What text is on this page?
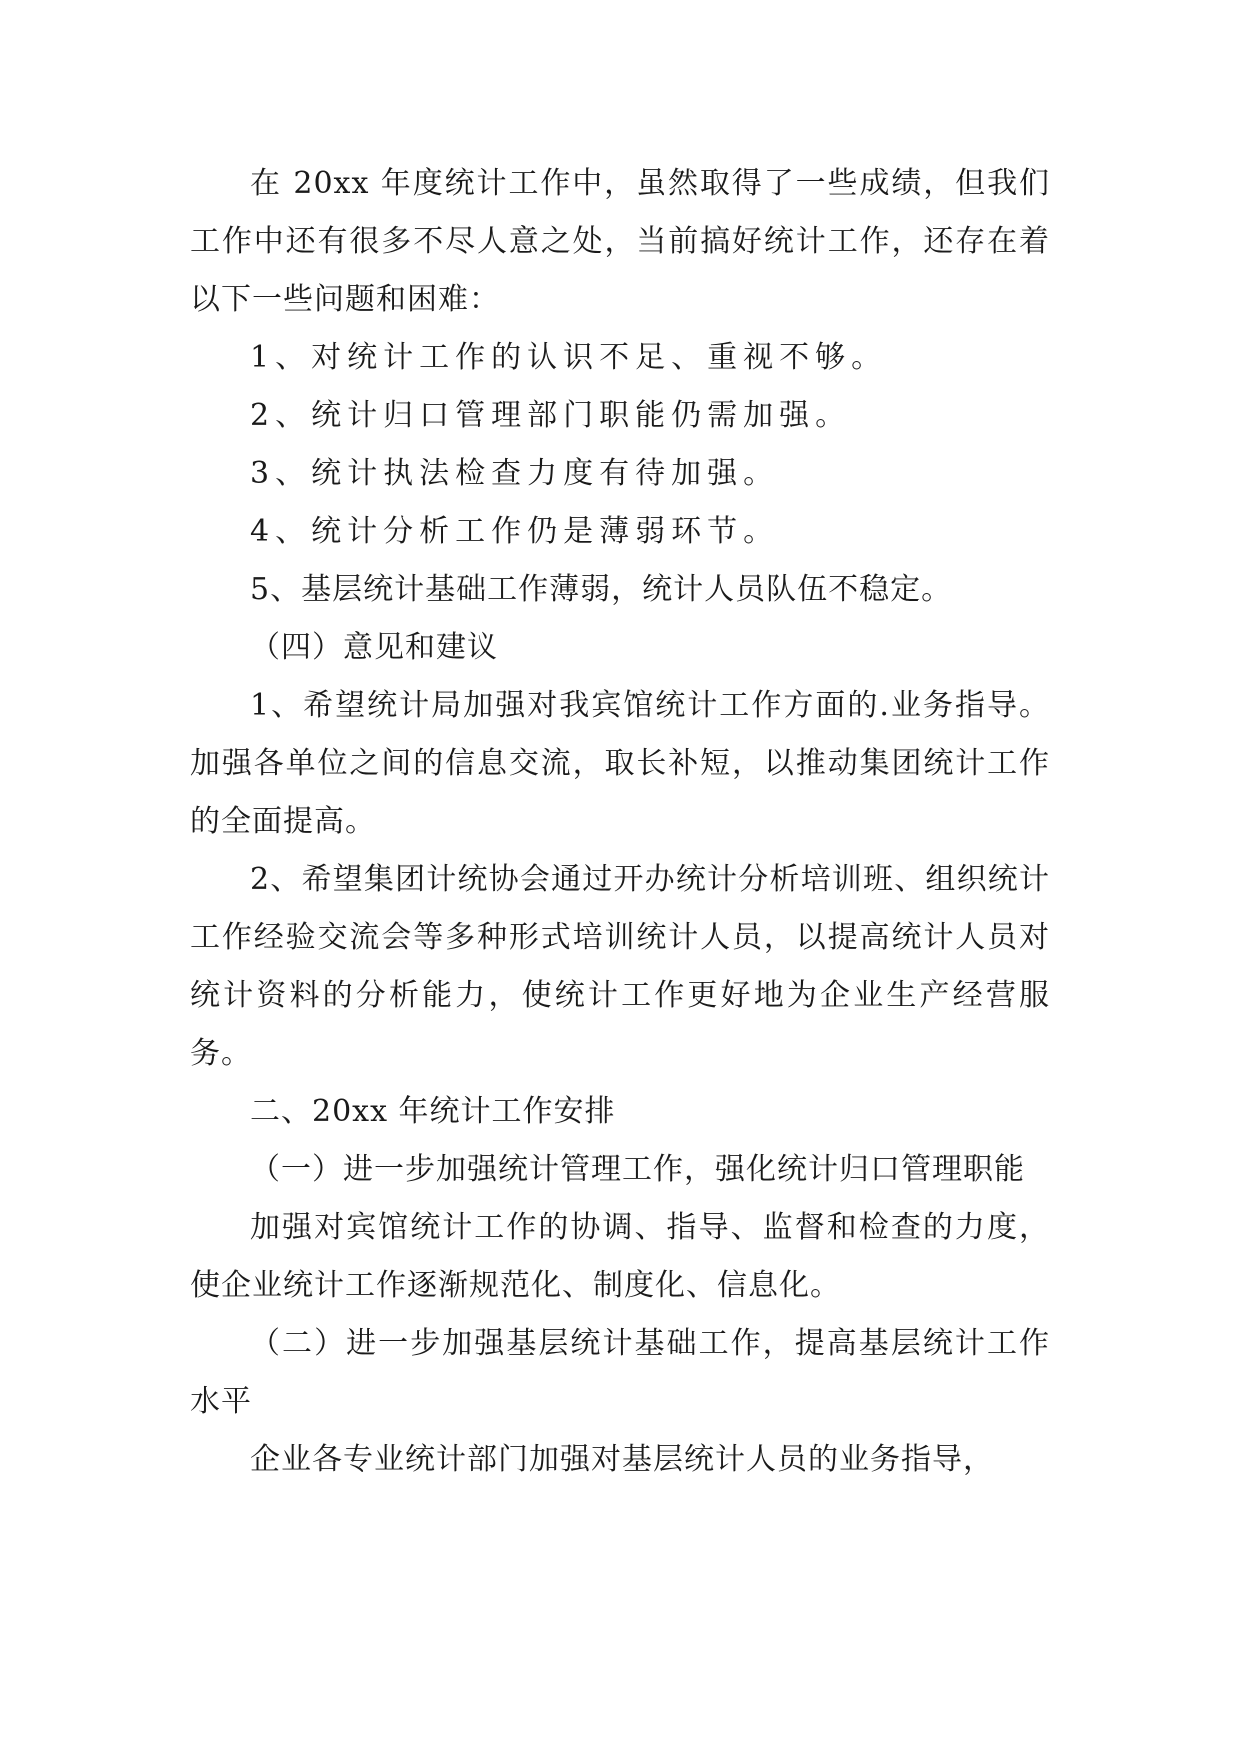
在 20xx 年度统计工作中，虽然取得了一些成绩，但我们工作中还有很多不尽人意之处，当前搞好统计工作，还存在着以下一些问题和困难：

1、对统计工作的认识不足、重视不够。

2、统计归口管理部门职能仍需加强。

3、统计执法检查力度有待加强。

4、统计分析工作仍是薄弱环节。

5、基层统计基础工作薄弱，统计人员队伍不稳定。

（四）意见和建议

1、希望统计局加强对我宾馆统计工作方面的.业务指导。加强各单位之间的信息交流，取长补短，以推动集团统计工作的全面提高。

2、希望集团计统协会通过开办统计分析培训班、组织统计工作经验交流会等多种形式培训统计人员，以提高统计人员对统计资料的分析能力，使统计工作更好地为企业生产经营服务。

二、20xx 年统计工作安排

（一）进一步加强统计管理工作，强化统计归口管理职能

加强对宾馆统计工作的协调、指导、监督和检查的力度，使企业统计工作逐渐规范化、制度化、信息化。

（二）进一步加强基层统计基础工作，提高基层统计工作水平

企业各专业统计部门加强对基层统计人员的业务指导，
